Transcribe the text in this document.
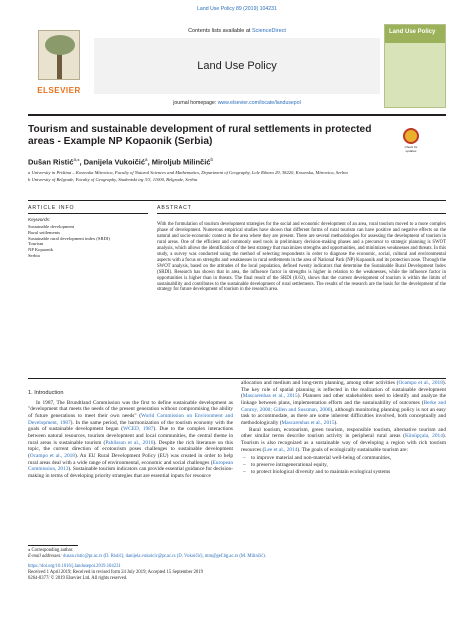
Land Use Policy 89 (2019) 104231
ELSEVIER
Contents lists available at ScienceDirect
Land Use Policy
journal homepage: www.elsevier.com/locate/landusepol
Land Use Policy
Tourism and sustainable development of rural settlements in protected areas - Example NP Kopaonik (Serbia)	Check for updates
Dušan Ristić$^{a,⁎}$, Danijela Vukoičić$^a$, Miroljub Milinčić$^b$
a University in Priština – Kosovska Mitrovica, Faculty of Natural Sciences and Mathematics, Department of Geography, Lole Ribara 29, 38220, Kosovska, Mitrovica, Serbia
b University of Belgrade, Faculty of Geography, Studentski trg 3/3, 11000, Belgrade, Serbia
ARTICLE INFO	ABSTRACT
Keywords:
Sustainable development
Rural settlements
Sustainable rural development index (SRDI)
Tourism
NP Kopaonik
Serbia
With the formulation of tourism development strategies for the social and economic development of an area, rural tourism moved to a more complex phase of development. Numerous empirical studies have shown that different forms of rural tourism can have positive and negative effects on the natural and socio-economic context in the area where they are present. There are several methodologies for assessing the development of tourism in rural areas. One of the efficient and commonly used tools in preliminary decision-making phases and a precursor to strategic planning is SWOT analysis, which allows the identification of the best strategy that maximizes strengths and opportunities, and minimizes weaknesses and threats. In this study, a survey was conducted using the method of selecting respondents in order to diagnose the economic, social, cultural and environmental aspects with a focus on strengths and weaknesses in rural settlements in the area of National Park (NP) Kopaonik and its protection zone. Through the SWOT analysis, based on the attitudes of the local population, defined twenty indicators that determine the Sustainable Rural Development Index (SRDI). Research has shown that in area, the influence factor in strengths is higher in relation to the weaknesses, while the influence factor in opportunities is higher than in threats. The final result of the SRDI (0.63), shows that the current development of tourism is within the limits of sustainability and contributes to the sustainable development of rural settlements. The results of the research are the basis for the development of the strategy for future development of tourism in the research area.
1. Introduction

In 1987, The Brundtland Commission was the first to define sustainable development as "development that meets the needs of the present generation without compromising the ability of future generations to meet their own needs" (World Commission on Environment and Development, 1987). In the same period, the harmonization of the tourism economy with the goals of sustainable development began (WCED, 1987). Due to the complex interactions between natural resources, tourism development and local communities, the central theme in rural areas is sustainable tourism (Pahlisson et al., 2016). Despite the rich literature on this topic, the current direction of ecotourism poses challenges to sustainable development (Ocampo et al., 2018). An EU Rural Development Policy (EU) was created in order to help rural areas deal with a wide range of environmental, economic and social challenges (European Commission, 2013). Sustainable tourism indicators can provide essential guidance for decision-making in terms of developing priority strategies that are essential inputs for resource

allocation and medium and long-term planning, among other activities (Ocampo et al., 2018). The key role of spatial planning is reflected in the realization of sustainable development (Mascarenhas et al., 2015). Planners and other stakeholders need to identify and analyze the linkage between plans, implementation efforts and the sustainability of outcomes (Berke and Conroy, 2000; Gillen and Sussman, 2006), although monitoring planning policy is not an easy task to accommodate, as there are some inherent difficulties involved, both conceptually and methodologically (Mascarenhas et al., 2015).

Rural tourism, ecotourism, green tourism, responsible tourism, alternative tourism and other similar terms describe tourism activity in peripheral rural areas (Künüpçala, 2014). Tourism is also recognized as a sustainable way of developing a region with rich tourism resources (Lee et al., 2014). The goals of ecologically sustainable tourism are:

– to improve material and non-material well-being of communities,
– to preserve intragenerational equity,
– to protect biological diversity and to maintain ecological systems
⁎ Corresponding author.
E-mail addresses: dusan.ristic@pr.ac.rs (D. Ristić), danijela.vukoicic@pr.ac.rs (D. Vukoičić), mm@gef.bg.ac.rs (M. Milinčić).
https://doi.org/10.1016/j.landusepol.2019.104231
Received 1 April 2019; Received in revised form 24 July 2019; Accepted 15 September 2019
0264-8377/ © 2019 Elsevier Ltd. All rights reserved.
